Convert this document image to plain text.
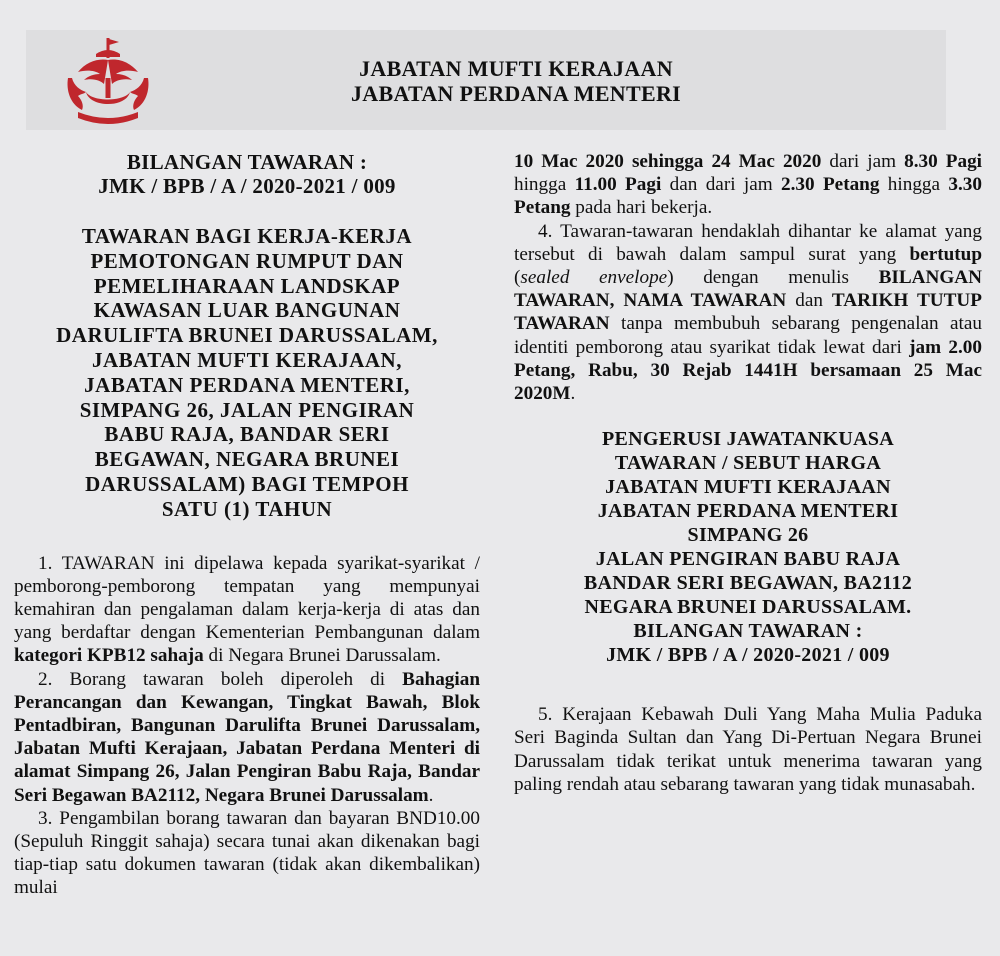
JABATAN MUFTI KERAJAAN
JABATAN PERDANA MENTERI
BILANGAN TAWARAN :
JMK / BPB / A / 2020-2021 / 009
TAWARAN BAGI KERJA-KERJA
PEMOTONGAN RUMPUT DAN
PEMELIHARAAN LANDSKAP
KAWASAN LUAR BANGUNAN
DARULIFTA BRUNEI DARUSSALAM,
JABATAN MUFTI KERAJAAN,
JABATAN PERDANA MENTERI,
SIMPANG 26, JALAN PENGIRAN
BABU RAJA, BANDAR SERI
BEGAWAN, NEGARA BRUNEI
DARUSSALAM) BAGI TEMPOH
SATU (1) TAHUN

1. TAWARAN ini dipelawa kepada syarikat-syarikat / pemborong-pemborong tempatan yang mempunyai kemahiran dan pengalaman dalam kerja-kerja di atas dan yang berdaftar dengan Kementerian Pembangunan dalam kategori KPB12 sahaja di Negara Brunei Darussalam.

2. Borang tawaran boleh diperoleh di Bahagian Perancangan dan Kewangan, Tingkat Bawah, Blok Pentadbiran, Bangunan Darulifta Brunei Darussalam, Jabatan Mufti Kerajaan, Jabatan Perdana Menteri di alamat Simpang 26, Jalan Pengiran Babu Raja, Bandar Seri Begawan BA2112, Negara Brunei Darussalam.

3. Pengambilan borang tawaran dan bayaran BND10.00 (Sepuluh Ringgit sahaja) secara tunai akan dikenakan bagi tiap-tiap satu dokumen tawaran (tidak akan dikembalikan) mulai

10 Mac 2020 sehingga 24 Mac 2020 dari jam 8.30 Pagi hingga 11.00 Pagi dan dari jam 2.30 Petang hingga 3.30 Petang pada hari bekerja.

4. Tawaran-tawaran hendaklah dihantar ke alamat yang tersebut di bawah dalam sampul surat yang bertutup (sealed envelope) dengan menulis BILANGAN TAWARAN, NAMA TAWARAN dan TARIKH TUTUP TAWARAN tanpa membubuh sebarang pengenalan atau identiti pemborong atau syarikat tidak lewat dari jam 2.00 Petang, Rabu, 30 Rejab 1441H bersamaan 25 Mac 2020M.

PENGERUSI JAWATANKUASA
TAWARAN / SEBUT HARGA
JABATAN MUFTI KERAJAAN
JABATAN PERDANA MENTERI
SIMPANG 26
JALAN PENGIRAN BABU RAJA
BANDAR SERI BEGAWAN, BA2112
NEGARA BRUNEI DARUSSALAM.
BILANGAN TAWARAN :
JMK / BPB / A / 2020-2021 / 009

5. Kerajaan Kebawah Duli Yang Maha Mulia Paduka Seri Baginda Sultan dan Yang Di-Pertuan Negara Brunei Darussalam tidak terikat untuk menerima tawaran yang paling rendah atau sebarang tawaran yang tidak munasabah.
